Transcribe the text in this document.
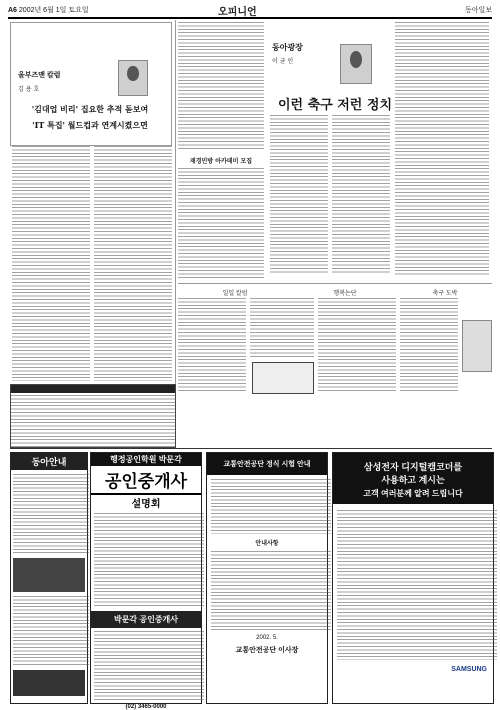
A6 2002년 6월 1일 토요일	오피니언	동아일보
올부즈맨 칼럼
김 용 호
'김대업 비리' 집요한 추적 돋보여
'IT 특집' 월드컵과 연계시켰으면
재경민방 아카데미 모집
동아광장
이 균 인
이런 축구 저런 정치
일일 칼럼	행복논단	축구 도박
동아안내	행정공인학원 박문각
공인중개사
설명회
박문각 공인중개사
(02) 3465-0000
교통안전공단 정식 시험 안내
안내사항
2002. 5.
교통안전공단 이사장
삼성전자 디지털캠코더를
사용하고 계시는
고객 여러분께 알려 드립니다
SAMSUNG
